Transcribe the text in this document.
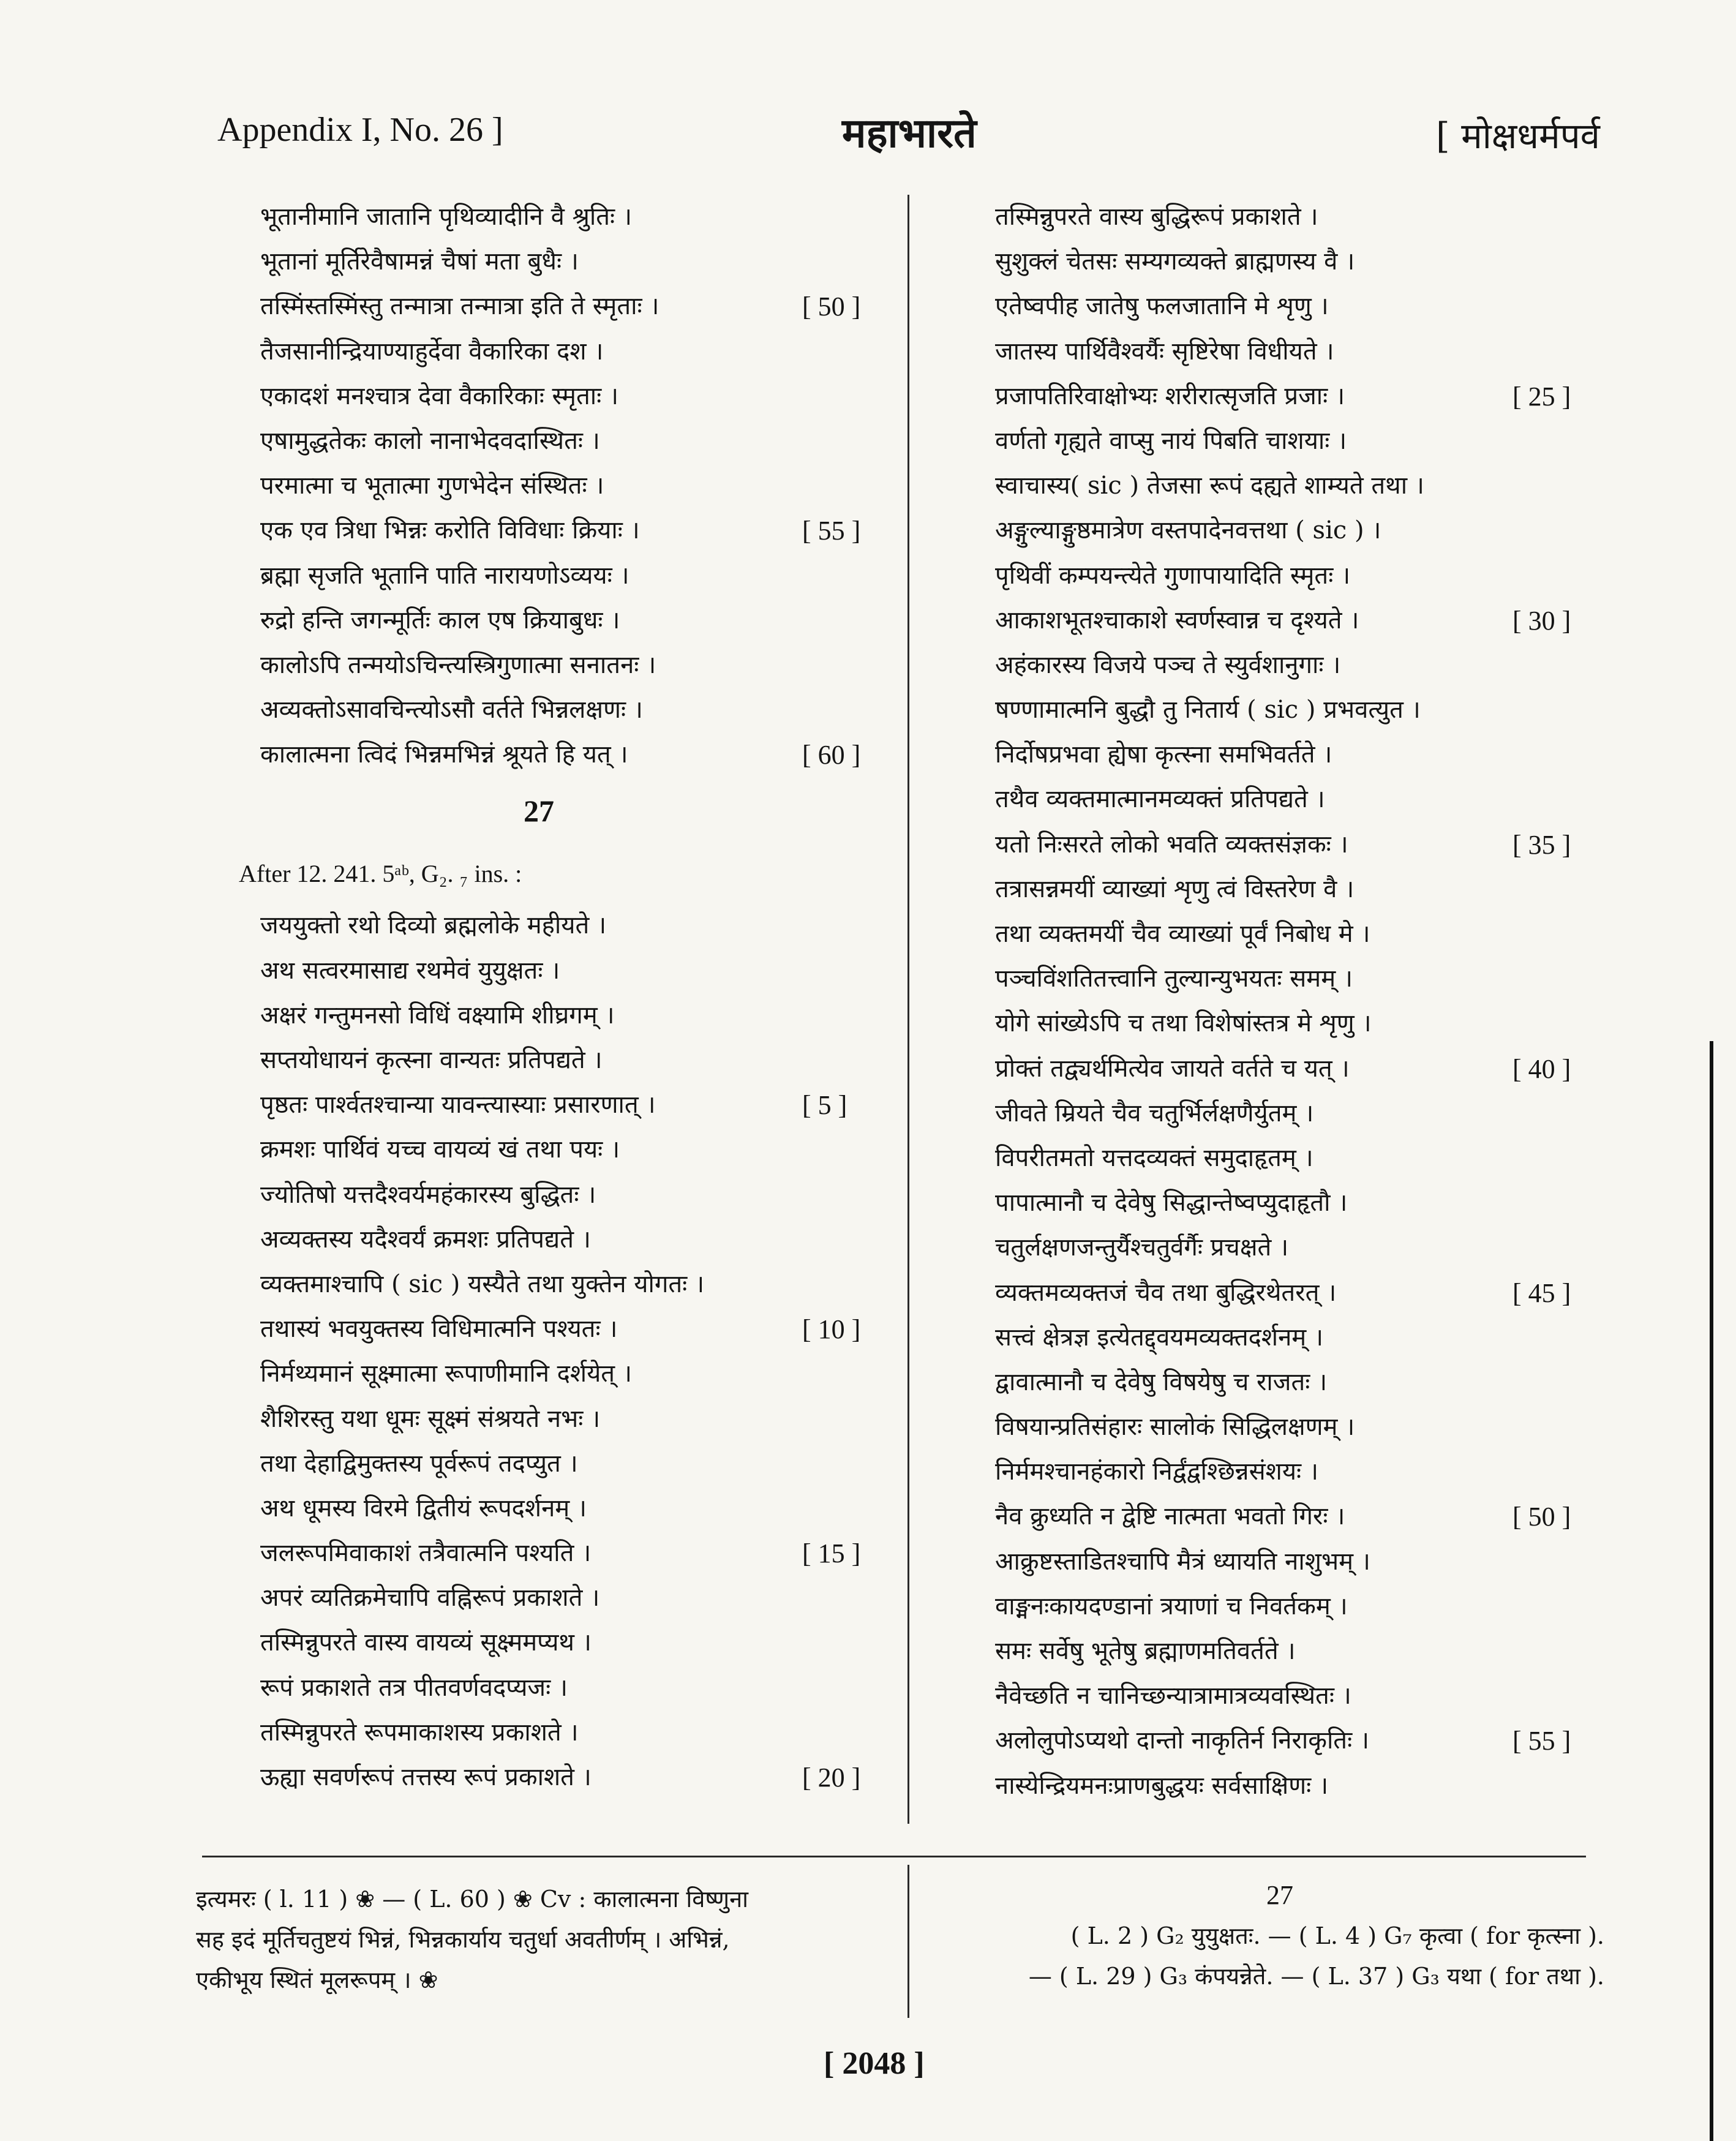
Appendix I, No. 26 ]	महाभारते	[ मोक्षधर्मपर्व
भूतानीमानि जातानि पृथिव्यादीनि वै श्रुतिः ।
भूतानां मूर्तिरेवैषामन्नं चैषां मता बुधैः ।
तस्मिंस्तस्मिंस्तु तन्मात्रा तन्मात्रा इति ते स्मृताः ।	[ 50 ]
तैजसानीन्द्रियाण्याहुर्देवा वैकारिका दश ।
एकादशं मनश्चात्र देवा वैकारिकाः स्मृताः ।
एषामुद्धतेकः कालो नानाभेदवदास्थितः ।
परमात्मा च भूतात्मा गुणभेदेन संस्थितः ।
एक एव त्रिधा भिन्नः करोति विविधाः क्रियाः ।	[ 55 ]
ब्रह्मा सृजति भूतानि पाति नारायणोऽव्ययः ।
रुद्रो हन्ति जगन्मूर्तिः काल एष क्रियाबुधः ।
कालोऽपि तन्मयोऽचिन्त्यस्त्रिगुणात्मा सनातनः ।
अव्यक्तोऽसावचिन्त्योऽसौ वर्तते भिन्नलक्षणः ।
कालात्मना त्विदं भिन्नमभिन्नं श्रूयते हि यत् ।	[ 60 ]
27
After 12. 241. 5ᵃᵇ, G₂. ₇ ins. :
जययुक्तो रथो दिव्यो ब्रह्मलोके महीयते ।
अथ सत्वरमासाद्य रथमेवं युयुक्षतः ।
अक्षरं गन्तुमनसो विधिं वक्ष्यामि शीघ्रगम् ।
सप्तयोधायनं कृत्स्ना वान्यतः प्रतिपद्यते ।
पृष्ठतः पार्श्वतश्चान्या यावन्त्यास्याः प्रसारणात् ।	[ 5 ]
क्रमशः पार्थिवं यच्च वायव्यं खं तथा पयः ।
ज्योतिषो यत्तदैश्वर्यमहंकारस्य बुद्धितः ।
अव्यक्तस्य यदैश्वर्यं क्रमशः प्रतिपद्यते ।
व्यक्तमाश्चापि ( sic ) यस्यैते तथा युक्तेन योगतः ।
तथास्यं भवयुक्तस्य विधिमात्मनि पश्यतः ।	[ 10 ]
निर्मथ्यमानं सूक्ष्मात्मा रूपाणीमानि दर्शयेत् ।
शैशिरस्तु यथा धूमः सूक्ष्मं संश्रयते नभः ।
तथा देहाद्विमुक्तस्य पूर्वरूपं तदप्युत ।
अथ धूमस्य विरमे द्वितीयं रूपदर्शनम् ।
जलरूपमिवाकाशं तत्रैवात्मनि पश्यति ।	[ 15 ]
अपरं व्यतिक्रमेचापि वह्निरूपं प्रकाशते ।
तस्मिन्नुपरते वास्य वायव्यं सूक्ष्ममप्यथ ।
रूपं प्रकाशते तत्र पीतवर्णवदप्यजः ।
तस्मिन्नुपरते रूपमाकाशस्य प्रकाशते ।
ऊह्या सवर्णरूपं तत्तस्य रूपं प्रकाशते ।	[ 20 ]
तस्मिन्नुपरते वास्य बुद्धिरूपं प्रकाशते ।
सुशुक्लं चेतसः सम्यगव्यक्ते ब्राह्मणस्य वै ।
एतेष्वपीह जातेषु फलजातानि मे शृणु ।
जातस्य पार्थिवैश्वर्यैः सृष्टिरेषा विधीयते ।
प्रजापतिरिवाक्षोभ्यः शरीरात्सृजति प्रजाः ।	[ 25 ]
वर्णतो गृह्यते वाप्सु नायं पिबति चाशयाः ।
स्वाचास्य( sic ) तेजसा रूपं दह्यते शाम्यते तथा ।
अङ्गुल्याङ्गुष्ठमात्रेण वस्तपादेनवत्तथा ( sic ) ।
पृथिवीं कम्पयन्त्येते गुणापायादिति स्मृतः ।
आकाशभूतश्चाकाशे स्वर्णस्वान्न च दृश्यते ।	[ 30 ]
अहंकारस्य विजये पञ्च ते स्युर्वशानुगाः ।
षण्णामात्मनि बुद्धौ तु नितार्य ( sic ) प्रभवत्युत ।
निर्दोषप्रभवा ह्येषा कृत्स्ना समभिवर्तते ।
तथैव व्यक्तमात्मानमव्यक्तं प्रतिपद्यते ।
यतो निःसरते लोको भवति व्यक्तसंज्ञकः ।	[ 35 ]
तत्रासन्नमयीं व्याख्यां शृणु त्वं विस्तरेण वै ।
तथा व्यक्तमयीं चैव व्याख्यां पूर्वं निबोध मे ।
पञ्चविंशतितत्त्वानि तुल्यान्युभयतः समम् ।
योगे सांख्येऽपि च तथा विशेषांस्तत्र मे शृणु ।
प्रोक्तं तद्व्यर्थमित्येव जायते वर्तते च यत् ।	[ 40 ]
जीवते म्रियते चैव चतुर्भिर्लक्षणैर्युतम् ।
विपरीतमतो यत्तदव्यक्तं समुदाहृतम् ।
पापात्मानौ च देवेषु सिद्धान्तेष्वप्युदाहृतौ ।
चतुर्लक्षणजन्तुर्यैश्चतुर्वर्गैः प्रचक्षते ।
व्यक्तमव्यक्तजं चैव तथा बुद्धिरथेतरत् ।	[ 45 ]
सत्त्वं क्षेत्रज्ञ इत्येतद्द्वयमव्यक्तदर्शनम् ।
द्वावात्मानौ च देवेषु विषयेषु च राजतः ।
विषयान्प्रतिसंहारः सालोकं सिद्धिलक्षणम् ।
निर्ममश्चानहंकारो निर्द्वंद्वश्छिन्नसंशयः ।
नैव क्रुध्यति न द्वेष्टि नात्मता भवतो गिरः ।	[ 50 ]
आक्रुष्टस्ताडितश्चापि मैत्रं ध्यायति नाशुभम् ।
वाङ्मनःकायदण्डानां त्रयाणां च निवर्तकम् ।
समः सर्वेषु भूतेषु ब्रह्माणमतिवर्तते ।
नैवेच्छति न चानिच्छन्यात्रामात्रव्यवस्थितः ।
अलोलुपोऽप्यथो दान्तो नाकृतिर्न निराकृतिः ।	[ 55 ]
नास्येन्द्रियमनःप्राणबुद्धयः सर्वसाक्षिणः ।
इत्यमरः ( l. 11 ) ❀ — ( L. 60 ) ❀ Cv : कालात्मना विष्णुना
सह इदं मूर्तिचतुष्टयं भिन्नं, भिन्नकार्याय चतुर्धा अवतीर्णम् । अभिन्नं,
एकीभूय स्थितं मूलरूपम् । ❀
27
( L. 2 ) G₂ युयुक्षतः. — ( L. 4 ) G₇ कृत्वा ( for कृत्स्ना ).
— ( L. 29 ) G₃ कंपयन्नेते. — ( L. 37 ) G₃ यथा ( for तथा ).
[ 2048 ]
